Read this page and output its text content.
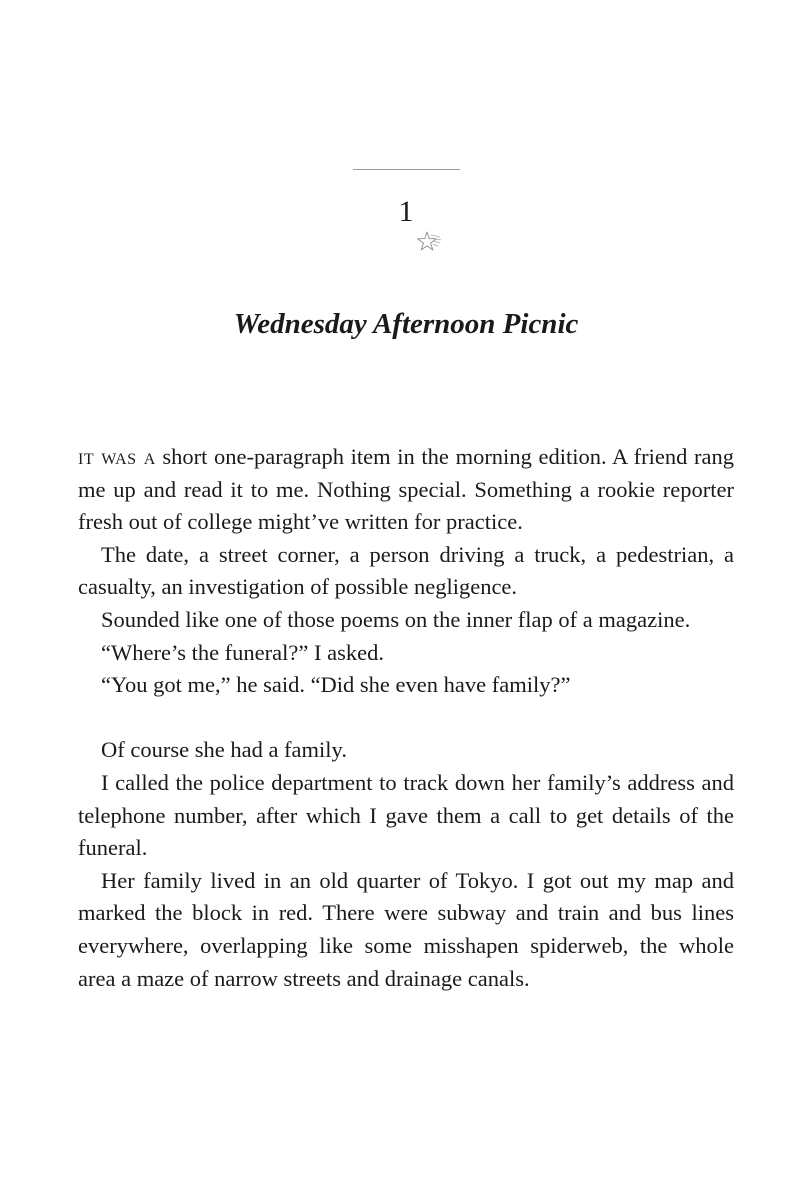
1
Wednesday Afternoon Picnic

it was a short one-paragraph item in the morning edition. A friend rang me up and read it to me. Nothing special. Something a rookie reporter fresh out of college might’ve written for practice.

The date, a street corner, a person driving a truck, a pedestrian, a casualty, an investigation of possible negligence.

Sounded like one of those poems on the inner flap of a magazine.

“Where’s the funeral?” I asked.

“You got me,” he said. “Did she even have family?”

Of course she had a family.

I called the police department to track down her family’s address and telephone number, after which I gave them a call to get details of the funeral.

Her family lived in an old quarter of Tokyo. I got out my map and marked the block in red. There were subway and train and bus lines everywhere, overlapping like some misshapen spiderweb, the whole area a maze of narrow streets and drainage canals.
